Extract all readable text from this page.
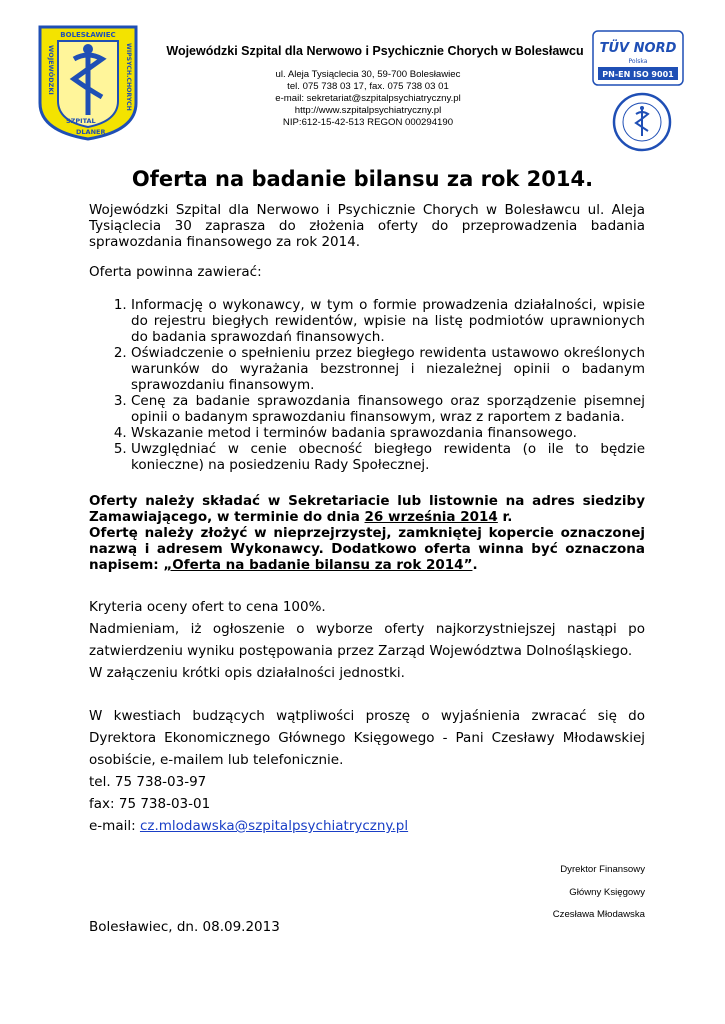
BOLESŁAWIEC
WOJEWÓDZKI
SZPITAL
DLANER
WIPSYCH.CHORYCH	Wojewódzki Szpital dla Nerwowo i Psychicznie Chorych w Bolesławcu
ul. Aleja Tysiąclecia 30, 59-700 Bolesławiec
tel. 075 738 03 17, fax. 075 738 03 01
e-mail: sekretariat@szpitalpsychiatryczny.pl
http://www.szpitalpsychiatryczny.pl
NIP:612-15-42-513 REGON 000294190
TÜV NORD
Polska
PN-EN ISO 9001
Oferta na badanie bilansu za rok 2014.
Wojewódzki Szpital dla Nerwowo i Psychicznie Chorych w Bolesławcu ul. Aleja Tysiąclecia 30 zaprasza do złożenia oferty do przeprowadzenia badania sprawozdania finansowego za rok 2014.
Oferta powinna zawierać:
1. Informację o wykonawcy, w tym o formie prowadzenia działalności, wpisie do rejestru biegłych rewidentów, wpisie na listę podmiotów uprawnionych do badania sprawozdań finansowych.
2. Oświadczenie o spełnieniu przez biegłego rewidenta ustawowo określonych warunków do wyrażania bezstronnej i niezależnej opinii o badanym sprawozdaniu finansowym.
3. Cenę za badanie sprawozdania finansowego oraz sporządzenie pisemnej opinii o badanym sprawozdaniu finansowym, wraz z raportem z badania.
4. Wskazanie metod i terminów badania sprawozdania finansowego.
5. Uwzględniać w cenie obecność biegłego rewidenta (o ile to będzie konieczne) na posiedzeniu Rady Społecznej.
Oferty należy składać w Sekretariacie lub listownie na adres siedziby Zamawiającego, w terminie do dnia 26 września 2014 r.
Ofertę należy złożyć w nieprzejrzystej, zamkniętej kopercie oznaczonej nazwą i adresem Wykonawcy. Dodatkowo oferta winna być oznaczona napisem: „Oferta na badanie bilansu za rok 2014”.

Kryteria oceny ofert to cena 100%.

Nadmieniam, iż ogłoszenie o wyborze oferty najkorzystniejszej nastąpi po zatwierdzeniu wyniku postępowania przez Zarząd Województwa Dolnośląskiego.

W załączeniu krótki opis działalności jednostki.

W kwestiach budzących wątpliwości proszę o wyjaśnienia zwracać się do Dyrektora Ekonomicznego Głównego Księgowego - Pani Czesławy Młodawskiej osobiście, e-mailem lub telefonicznie.

tel. 75 738-03-97

fax: 75 738-03-01

e-mail: cz.mlodawska@szpitalpsychiatryczny.pl

Dyrektor Finansowy
Główny Księgowy
Czesława Młodawska
Bolesławiec, dn. 08.09.2013
